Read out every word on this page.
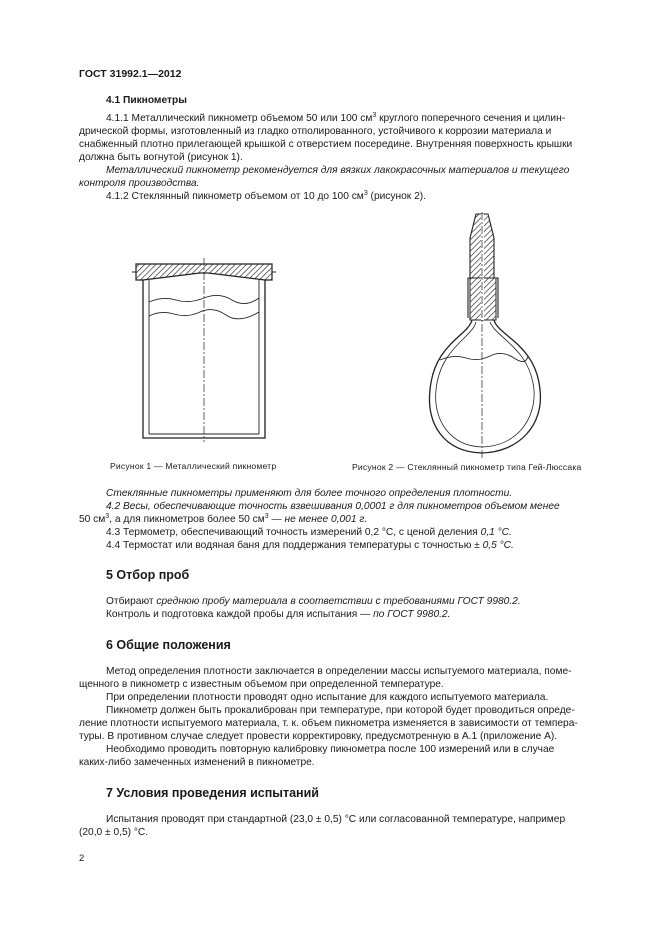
ГОСТ 31992.1—2012
4.1 Пикнометры
4.1.1 Металлический пикнометр объемом 50 или 100 $см^3$ круглого поперечного сечения и цилин-
дрической формы, изготовленный из гладко отполированного, устойчивого к коррозии материала и
снабженный плотно прилегающей крышкой с отверстием посередине. Внутренняя поверхность крышки
должна быть вогнутой (рисунок 1).
Металлический пикнометр рекомендуется для вязких лакокрасочных материалов и текущего
контроля производства.
4.1.2 Стеклянный пикнометр объемом от 10 до 100 $см^3$ (рисунок 2).
Рисунок 1 — Металлический пикнометр	Рисунок 2 — Стеклянный пикнометр типа Гей-Люссака
Стеклянные пикнометры применяют для более точного определения плотности.
4.2 Весы, обеспечивающие точность взвешивания 0,0001 г для пикнометров объемом менее
50 $см^3$, а для пикнометров более 50 $см^3$ — не менее 0,001 г.
4.3 Термометр, обеспечивающий точность измерений 0,2 °С, с ценой деления 0,1 °С.
4.4 Термостат или водяная баня для поддержания температуры с точностью ± 0,5 °С.
5 Отбор проб
Отбирают среднюю пробу материала в соответствии с требованиями ГОСТ 9980.2.
Контроль и подготовка каждой пробы для испытания — по ГОСТ 9980.2.
6 Общие положения
Метод определения плотности заключается в определении массы испытуемого материала, поме-
щенного в пикнометр с известным объемом при определенной температуре.
При определении плотности проводят одно испытание для каждого испытуемого материала.
Пикнометр должен быть прокалиброван при температуре, при которой будет проводиться опреде-
ление плотности испытуемого материала, т. к. объем пикнометра изменяется в зависимости от темпера-
туры. В противном случае следует провести корректировку, предусмотренную в А.1 (приложение А).
Необходимо проводить повторную калибровку пикнометра после 100 измерений или в случае
каких-либо замеченных изменений в пикнометре.
7 Условия проведения испытаний
Испытания проводят при стандартной (23,0 ± 0,5) °С или согласованной температуре, например
(20,0 ± 0,5) °С.
2
